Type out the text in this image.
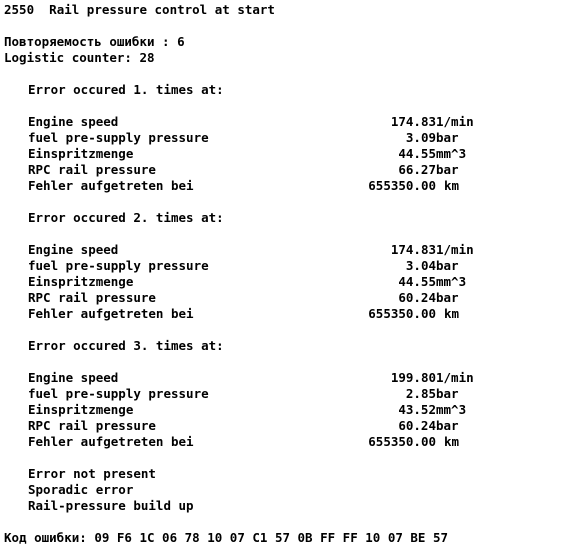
2550 Rail pressure control at start
Повторяемость ошибки : 6
Logistic counter: 28
Error occured 1. times at:
Engine speed	174.83 1/min
fuel pre-supply pressure	3.09 bar
Einspritzmenge	44.55 mm^3
RPC rail pressure	66.27 bar
Fehler aufgetreten bei	655350.00 km
Error occured 2. times at:
Engine speed	174.83 1/min
fuel pre-supply pressure	3.04 bar
Einspritzmenge	44.55 mm^3
RPC rail pressure	60.24 bar
Fehler aufgetreten bei	655350.00 km
Error occured 3. times at:
Engine speed	199.80 1/min
fuel pre-supply pressure	2.85 bar
Einspritzmenge	43.52 mm^3
RPC rail pressure	60.24 bar
Fehler aufgetreten bei	655350.00 km
Error not present
Sporadic error
Rail-pressure build up
Код ошибки: 09 F6 1C 06 78 10 07 C1 57 0B FF FF 10 07 BE 57
